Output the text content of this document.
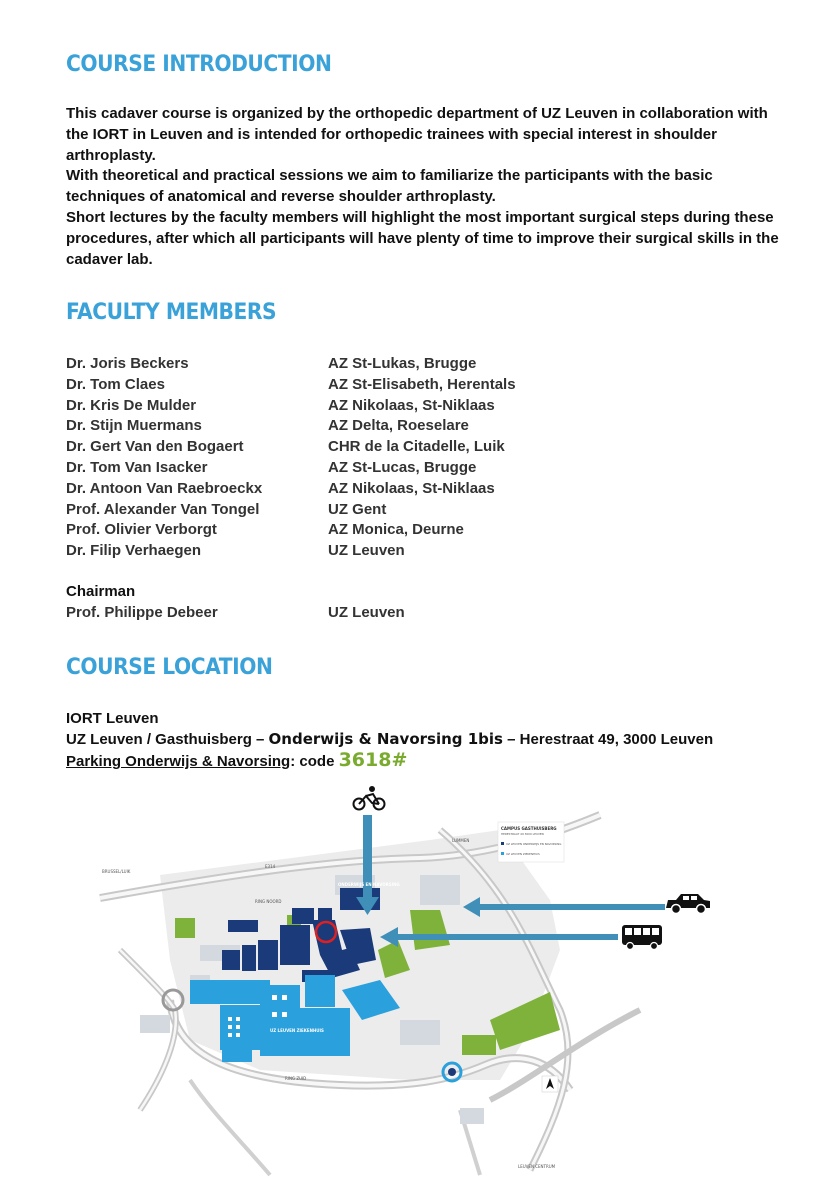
COURSE INTRODUCTION

This cadaver course is organized by the orthopedic department of UZ Leuven in collaboration with the IORT in Leuven and is intended for orthopedic trainees with special interest in shoulder arthroplasty.

With theoretical and practical sessions we aim to familiarize the participants with the basic techniques of anatomical and reverse shoulder arthroplasty.

Short lectures by the faculty members will highlight the most important surgical steps during these procedures, after which all participants will have plenty of time to improve their surgical skills in the cadaver lab.

FACULTY MEMBERS
Dr. Joris Beckers	AZ St-Lukas, Brugge
Dr. Tom Claes	AZ St-Elisabeth, Herentals
Dr. Kris De Mulder	AZ Nikolaas, St-Niklaas
Dr. Stijn Muermans	AZ Delta, Roeselare
Dr. Gert Van den Bogaert	CHR de la Citadelle, Luik
Dr. Tom Van Isacker	AZ St-Lucas, Brugge
Dr. Antoon Van Raebroeckx	AZ Nikolaas, St-Niklaas
Prof. Alexander Van Tongel	UZ Gent
Prof. Olivier Verborgt	AZ Monica, Deurne
Dr. Filip Verhaegen	UZ Leuven
Chairman
Prof. Philippe Debeer	UZ Leuven
COURSE LOCATION
IORT Leuven
UZ Leuven / Gasthuisberg – Onderwijs & Navorsing 1bis – Herestraat 49, 3000 Leuven
Parking Onderwijs & Navorsing: code 3618#
UZ LEUVEN ZIEKENHUIS
CAMPUS GASTHUISBERG
HERESTRAAT 49 3000 LEUVEN
UZ LEUVEN ONDERWIJS EN NAVORSING
UZ LEUVEN ZIEKENHUIS
BRUSSEL/LUIK
E314
RING NOORD
RING ZUID
LUMMEN
LEUVEN CENTRUM
ONDERWIJS EN NAVORSING
